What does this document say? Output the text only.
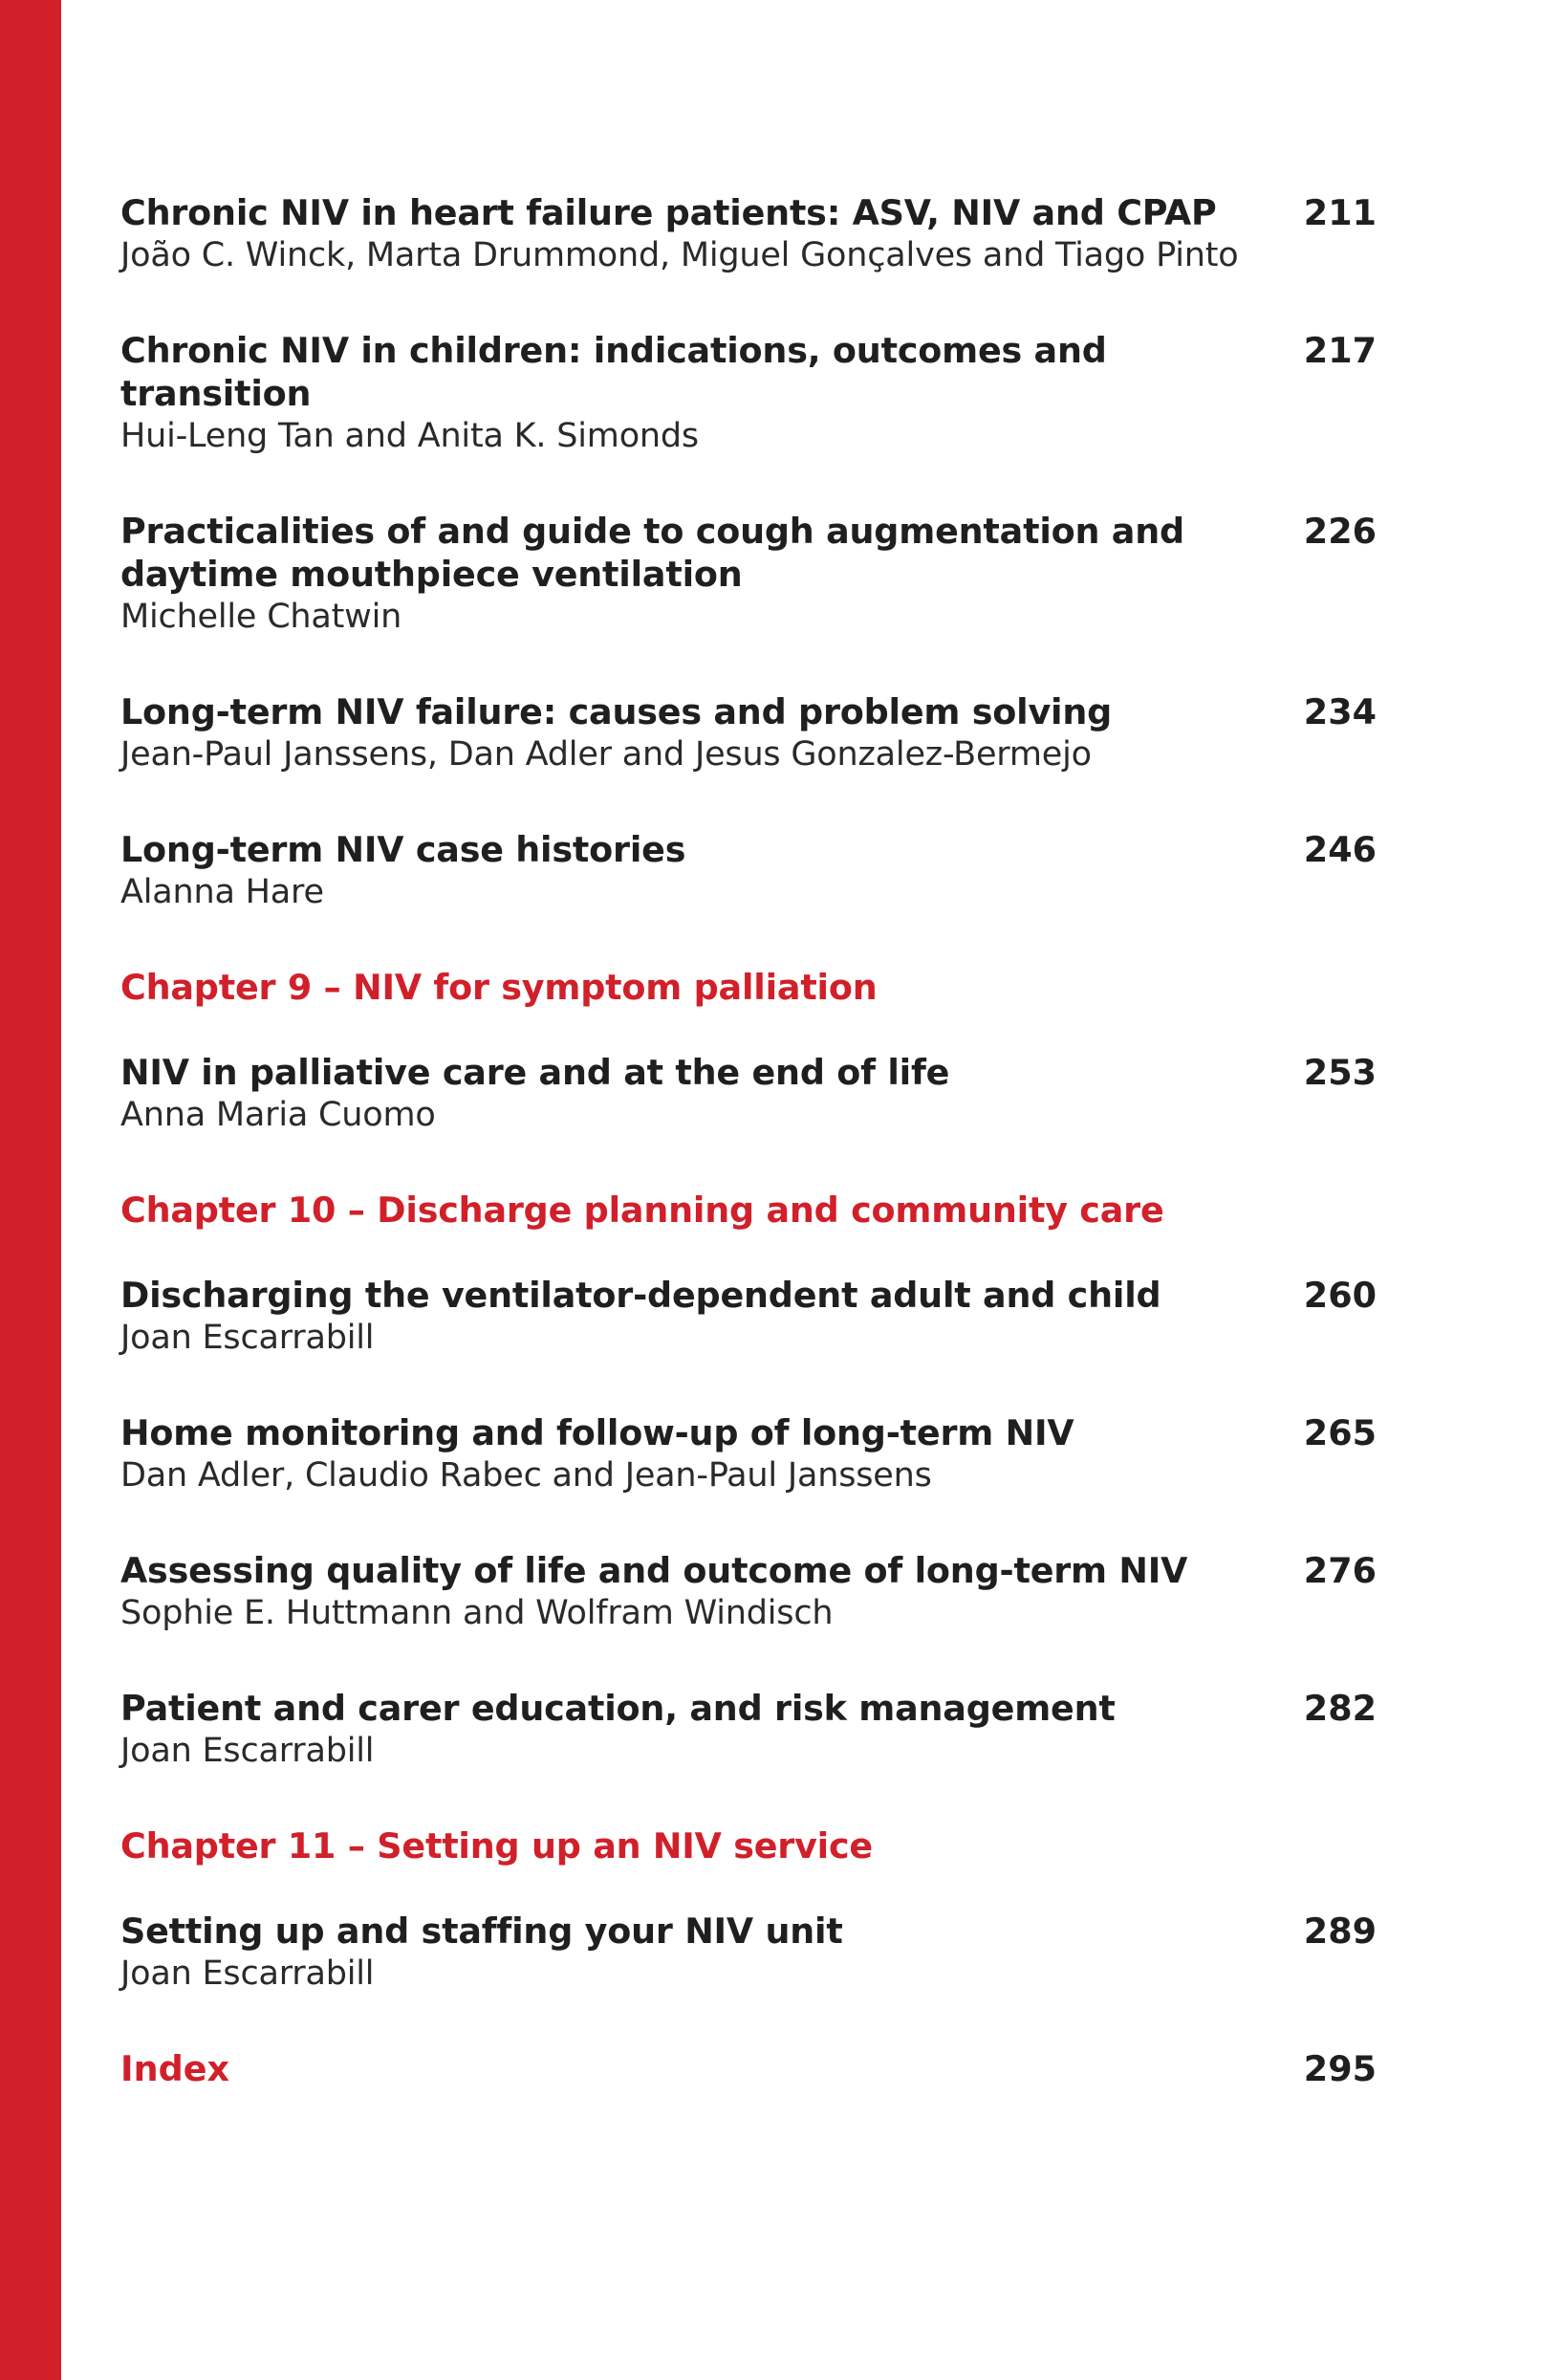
Chronic NIV in heart failure patients: ASV, NIV and CPAP
João C. Winck, Marta Drummond, Miguel Gonçalves and Tiago Pinto
211
Chronic NIV in children: indications, outcomes and transition
Hui-Leng Tan and Anita K. Simonds
217
Practicalities of and guide to cough augmentation and
daytime mouthpiece ventilation
Michelle Chatwin
226
Long-term NIV failure: causes and problem solving
Jean-Paul Janssens, Dan Adler and Jesus Gonzalez-Bermejo
234
Long-term NIV case histories
Alanna Hare
246
Chapter 9 – NIV for symptom palliation
NIV in palliative care and at the end of life
Anna Maria Cuomo
253
Chapter 10 – Discharge planning and community care
Discharging the ventilator-dependent adult and child
Joan Escarrabill
260
Home monitoring and follow-up of long-term NIV
Dan Adler, Claudio Rabec and Jean-Paul Janssens
265
Assessing quality of life and outcome of long-term NIV
Sophie E. Huttmann and Wolfram Windisch
276
Patient and carer education, and risk management
Joan Escarrabill
282
Chapter 11 – Setting up an NIV service
Setting up and staffing your NIV unit
Joan Escarrabill
289
Index	295
